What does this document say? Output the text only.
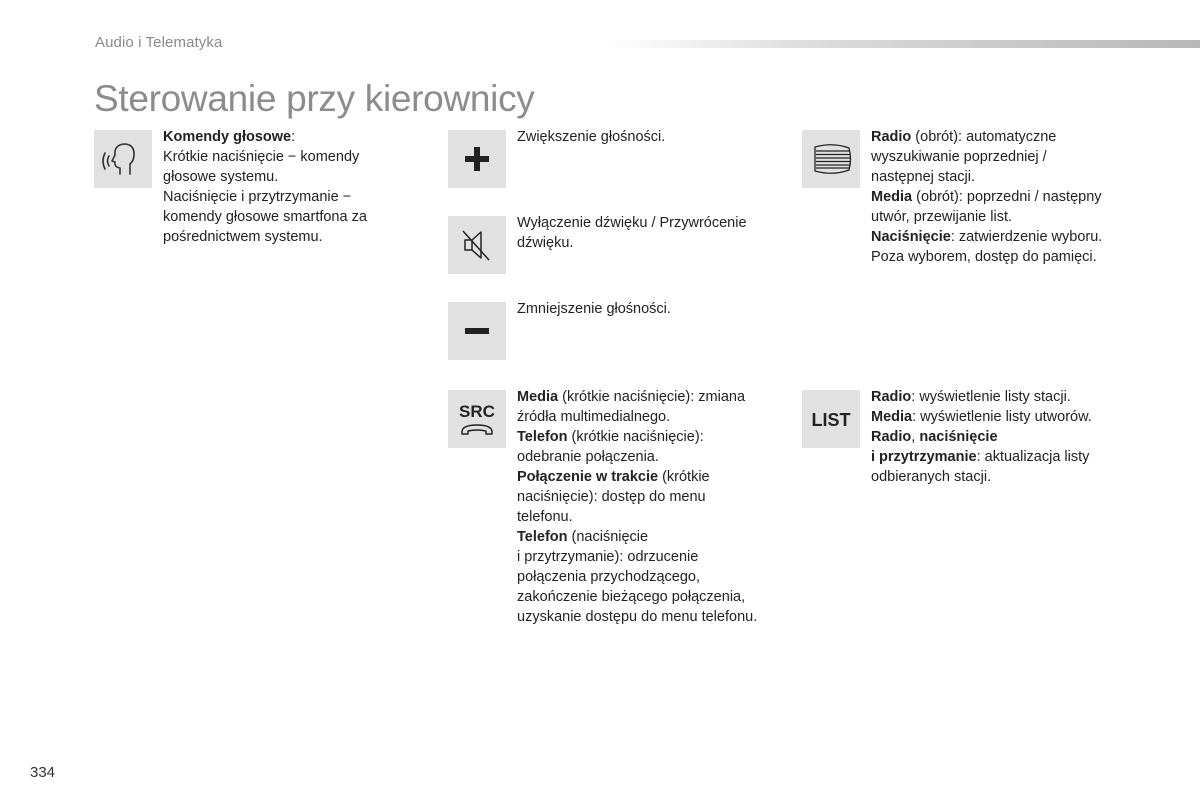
Audio i Telematyka
Sterowanie przy kierownicy
Komendy głosowe:
Krótkie naciśnięcie − komendy
głosowe systemu.
Naciśnięcie i przytrzymanie −
komendy głosowe smartfona za
pośrednictwem systemu.
Zwiększenie głośności.
Wyłączenie dźwięku / Przywrócenie
dźwięku.
Zmniejszenie głośności.
SRC
Media (krótkie naciśnięcie): zmiana
źródła multimedialnego.
Telefon (krótkie naciśnięcie):
odebranie połączenia.
Połączenie w trakcie (krótkie
naciśnięcie): dostęp do menu
telefonu.
Telefon (naciśnięcie
i przytrzymanie): odrzucenie
połączenia przychodzącego,
zakończenie bieżącego połączenia,
uzyskanie dostępu do menu telefonu.
Radio (obrót): automatyczne
wyszukiwanie poprzedniej /
następnej stacji.
Media (obrót): poprzedni / następny
utwór, przewijanie list.
Naciśnięcie: zatwierdzenie wyboru.
Poza wyborem, dostęp do pamięci.
LIST
Radio: wyświetlenie listy stacji.
Media: wyświetlenie listy utworów.
Radio, naciśnięcie
i przytrzymanie: aktualizacja listy
odbieranych stacji.
334
